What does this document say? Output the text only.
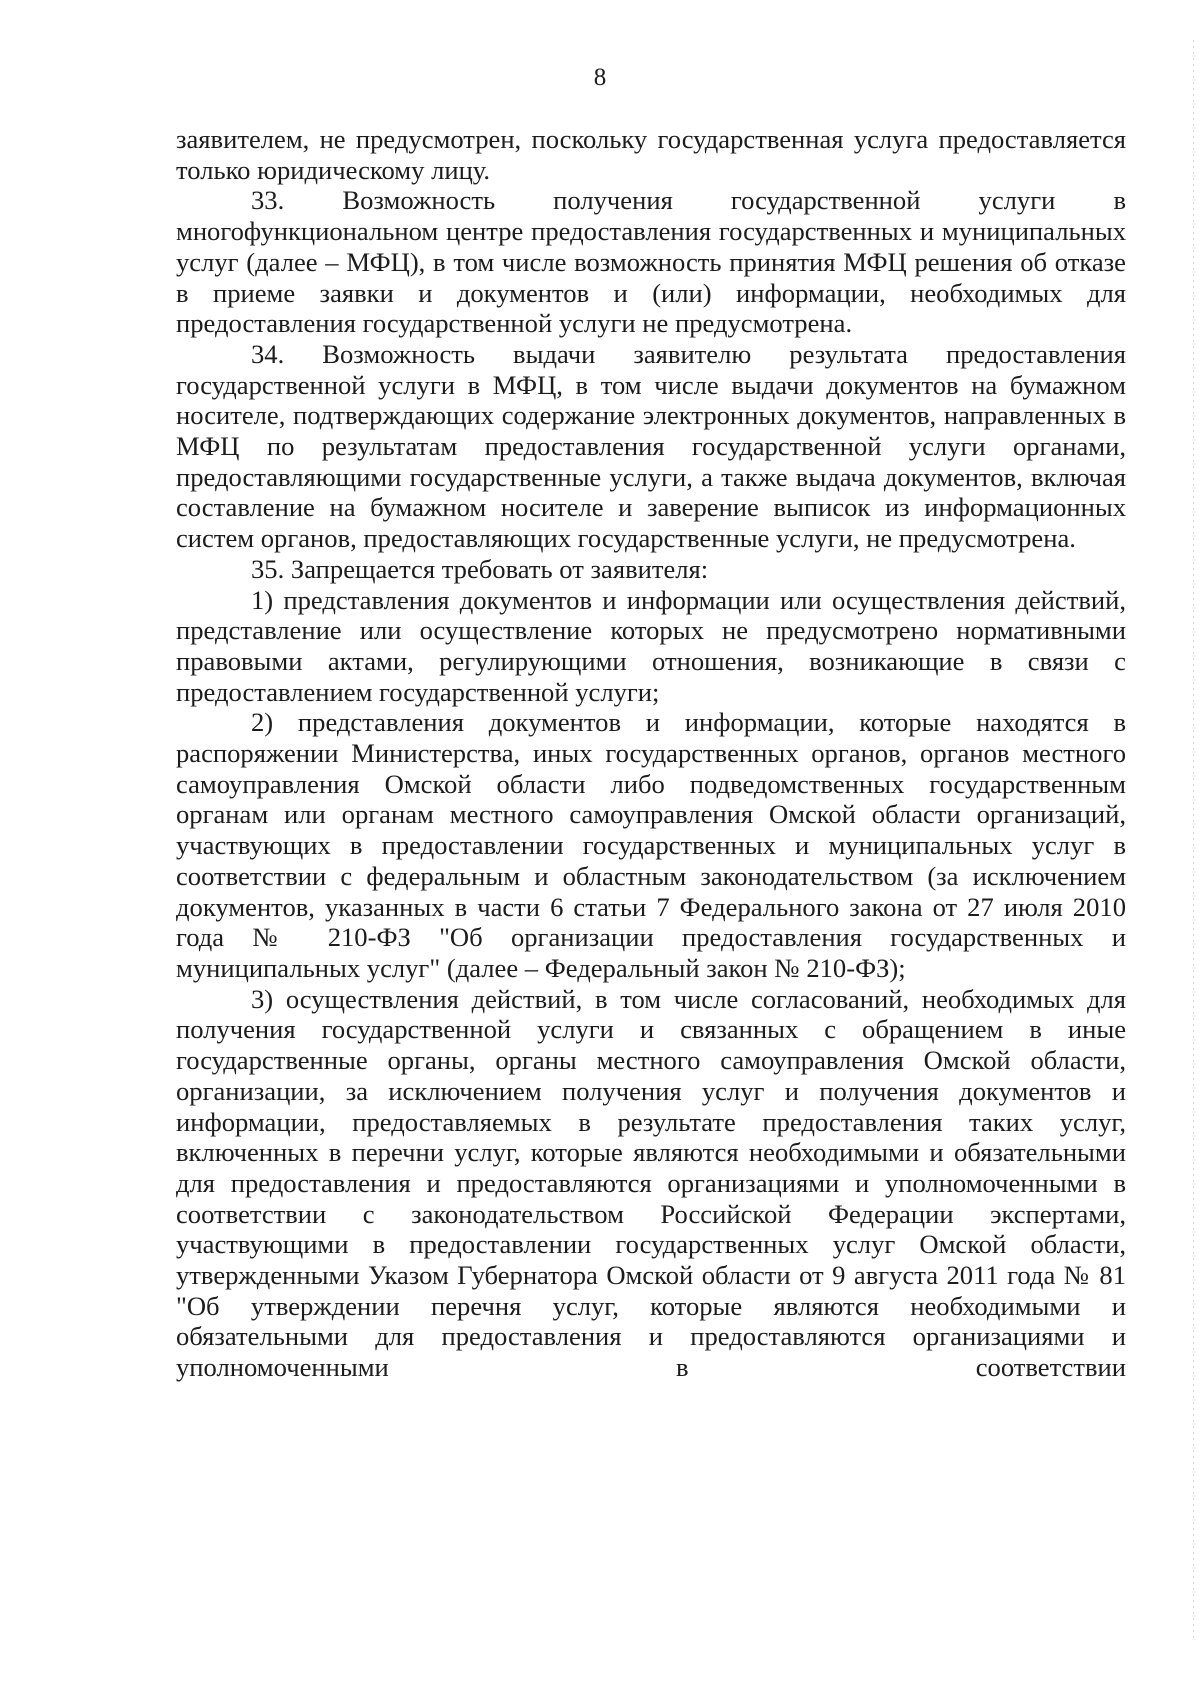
8

заявителем, не предусмотрен, поскольку государственная услуга предоставляется только юридическому лицу.

33. Возможность получения государственной услуги в многофункциональном центре предоставления государственных и муниципальных услуг (далее – МФЦ), в том числе возможность принятия МФЦ решения об отказе в приеме заявки и документов и (или) информации, необходимых для предоставления государственной услуги не предусмотрена.

34. Возможность выдачи заявителю результата предоставления государственной услуги в МФЦ, в том числе выдачи документов на бумажном носителе, подтверждающих содержание электронных документов, направленных в МФЦ по результатам предоставления государственной услуги органами, предоставляющими государственные услуги, а также выдача документов, включая составление на бумажном носителе и заверение выписок из информационных систем органов, предоставляющих государственные услуги, не предусмотрена.

35. Запрещается требовать от заявителя:

1) представления документов и информации или осуществления действий, представление или осуществление которых не предусмотрено нормативными правовыми актами, регулирующими отношения, возникающие в связи с предоставлением государственной услуги;

2) представления документов и информации, которые находятся в распоряжении Министерства, иных государственных органов, органов местного самоуправления Омской области либо подведомственных государственным органам или органам местного самоуправления Омской области организаций, участвующих в предоставлении государственных и муниципальных услуг в соответствии с федеральным и областным законодательством (за исключением документов, указанных в части 6 статьи 7 Федерального закона от 27 июля 2010 года № 210-ФЗ "Об организации предоставления государственных и муниципальных услуг" (далее – Федеральный закон № 210-ФЗ);

3) осуществления действий, в том числе согласований, необходимых для получения государственной услуги и связанных с обращением в иные государственные органы, органы местного самоуправления Омской области, организации, за исключением получения услуг и получения документов и информации, предоставляемых в результате предоставления таких услуг, включенных в перечни услуг, которые являются необходимыми и обязательными для предоставления и предоставляются организациями и уполномоченными в соответствии с законодательством Российской Федерации экспертами, участвующими в предоставлении государственных услуг Омской области, утвержденными Указом Губернатора Омской области от 9 августа 2011 года № 81 "Об утверждении перечня услуг, которые являются необходимыми и обязательными для предоставления и предоставляются организациями и уполномоченными в соответствии
